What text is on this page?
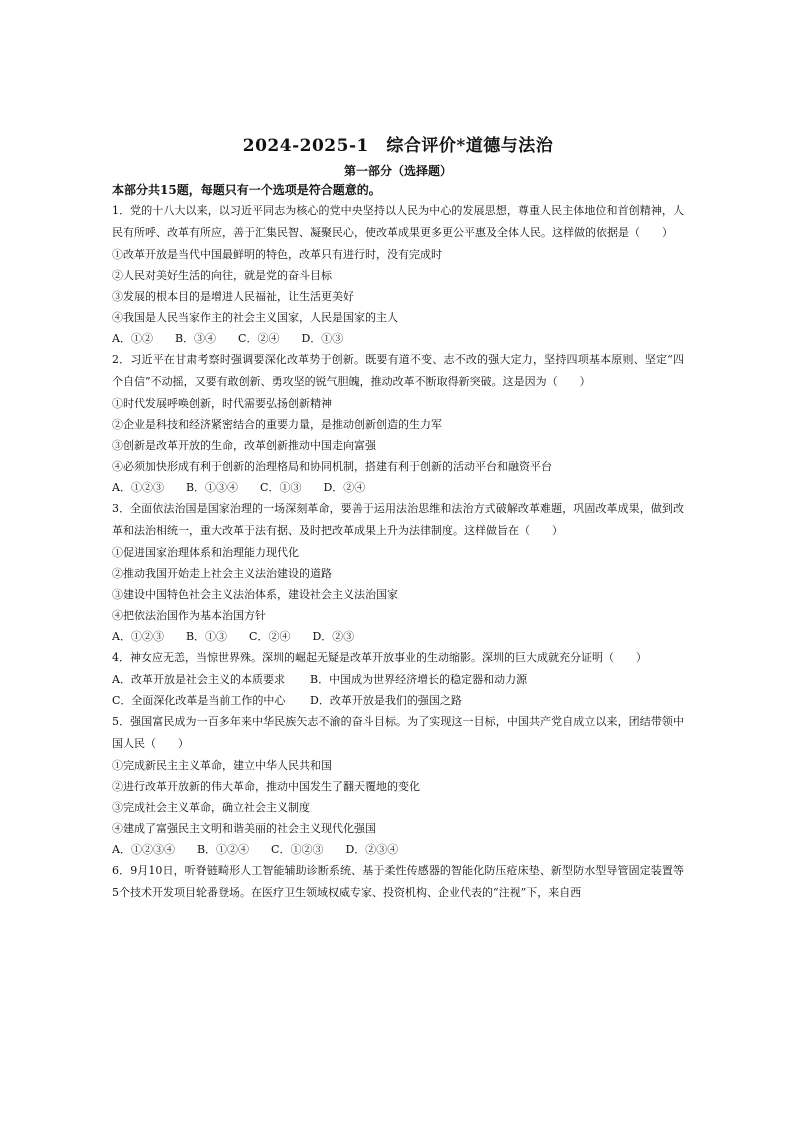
2024-2025-1　综合评价*道德与法治

第一部分（选择题）

本部分共15题，每题只有一个选项是符合题意的。

1．党的十八大以来，以习近平同志为核心的党中央坚持以人民为中心的发展思想，尊重人民主体地位和首创精神，人民有所呼、改革有所应，善于汇集民智、凝聚民心，使改革成果更多更公平惠及全体人民。这样做的依据是（　　）

①改革开放是当代中国最鲜明的特色，改革只有进行时，没有完成时

②人民对美好生活的向往，就是党的奋斗目标

③发展的根本目的是增进人民福祉，让生活更美好

④我国是人民当家作主的社会主义国家，人民是国家的主人

A．①② B．③④ C．②④ D．①③

2．习近平在甘肃考察时强调要深化改革势于创新。既要有道不变、志不改的强大定力，坚持四项基本原则、坚定“四个自信”不动摇，又要有敢创新、勇攻坚的锐气胆魄，推动改革不断取得新突破。这是因为（　　）

①时代发展呼唤创新，时代需要弘扬创新精神

②企业是科技和经济紧密结合的重要力量，是推动创新创造的生力军

③创新是改革开放的生命，改革创新推动中国走向富强

④必须加快形成有利于创新的治理格局和协同机制，搭建有利于创新的活动平台和融资平台

A．①②③ B．①③④ C．①③ D．②④

3．全面依法治国是国家治理的一场深刻革命，要善于运用法治思维和法治方式破解改革难题，巩固改革成果，做到改革和法治相统一，重大改革于法有据、及时把改革成果上升为法律制度。这样做旨在（　　）

①促进国家治理体系和治理能力现代化

②推动我国开始走上社会主义法治建设的道路

③建设中国特色社会主义法治体系，建设社会主义法治国家

④把依法治国作为基本治国方针

A．①②③ B．①③ C．②④ D．②③

4．神女应无恙，当惊世界殊。深圳的崛起无疑是改革开放事业的生动缩影。深圳的巨大成就充分证明（　　）

A．改革开放是社会主义的本质要求 B．中国成为世界经济增长的稳定器和动力源

C．全面深化改革是当前工作的中心 D．改革开放是我们的强国之路

5．强国富民成为一百多年来中华民族矢志不渝的奋斗目标。为了实现这一目标，中国共产党自成立以来，团结带领中国人民（　　）

①完成新民主主义革命，建立中华人民共和国

②进行改革开放新的伟大革命，推动中国发生了翻天覆地的变化

③完成社会主义革命，确立社会主义制度

④建成了富强民主文明和谐美丽的社会主义现代化强国

A．①②③④ B．①②④ C．①②③ D．②③④

6．9月10日，听脊链畸形人工智能辅助诊断系统、基于柔性传感器的智能化防压疮床垫、新型防水型导管固定装置等5个技术开发项目轮番登场。在医疗卫生领域权威专家、投资机构、企业代表的“注视”下，来自西
